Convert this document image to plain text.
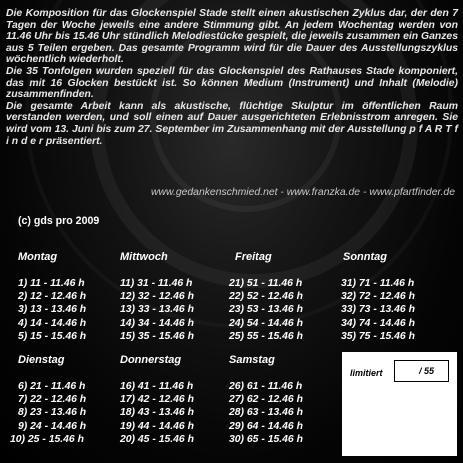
Die Komposition für das Glockenspiel Stade stellt einen akustischen Zyklus dar, der den 7 Tagen der Woche jeweils eine andere Stimmung gibt. An jedem Wochentag werden von 11.46 Uhr bis 15.46 Uhr stündlich Melodiestücke gespielt, die jeweils zusammen ein Ganzes aus 5 Teilen ergeben. Das gesamte Programm wird für die Dauer des Ausstellungszyklus wöchentlich wiederholt.

Die 35 Tonfolgen wurden speziell für das Glockenspiel des Rathauses Stade komponiert, das mit 16 Glocken bestückt ist. So können Medium (Instrument) und Inhalt (Melodie) zusammenfinden.

Die gesamte Arbeit kann als akustische, flüchtige Skulptur im öffentlichen Raum verstanden werden, und soll einen auf Dauer ausgerichteten Erlebnisstrom anregen. Sie wird vom 13. Juni bis zum 27. September im Zusammenhang mit der Ausstellung p f A R T f i n d e r präsentiert.

www.gedankenschmied.net - www.franzka.de - www.pfartfinder.de
(c) gds pro 2009
Montag
1) 11 - 11.46 h
2) 12 - 12.46 h
3) 13 - 13.46 h
4) 14 - 14.46 h
5) 15 - 15.46 h
Mittwoch
11) 31 - 11.46 h
12) 32 - 12.46 h
13) 33 - 13.46 h
14) 34 - 14.46 h
15) 35 - 15.46 h
Freitag
21) 51 - 11.46 h
22) 52 - 12.46 h
23) 53 - 13.46 h
24) 54 - 14.46 h
25) 55 - 15.46 h
Sonntag
31) 71 - 11.46 h
32) 72 - 12.46 h
33) 73 - 13.46 h
34) 74 - 14.46 h
35) 75 - 15.46 h
Dienstag
6) 21 - 11.46 h
7) 22 - 12.46 h
8) 23 - 13.46 h
9) 24 - 14.46 h
10) 25 - 15.46 h
Donnerstag
16) 41 - 11.46 h
17) 42 - 12.46 h
18) 43 - 13.46 h
19) 44 - 14.46 h
20) 45 - 15.46 h
Samstag
26) 61 - 11.46 h
27) 62 - 12.46 h
28) 63 - 13.46 h
29) 64 - 14.46 h
30) 65 - 15.46 h
limitiert	/ 55
